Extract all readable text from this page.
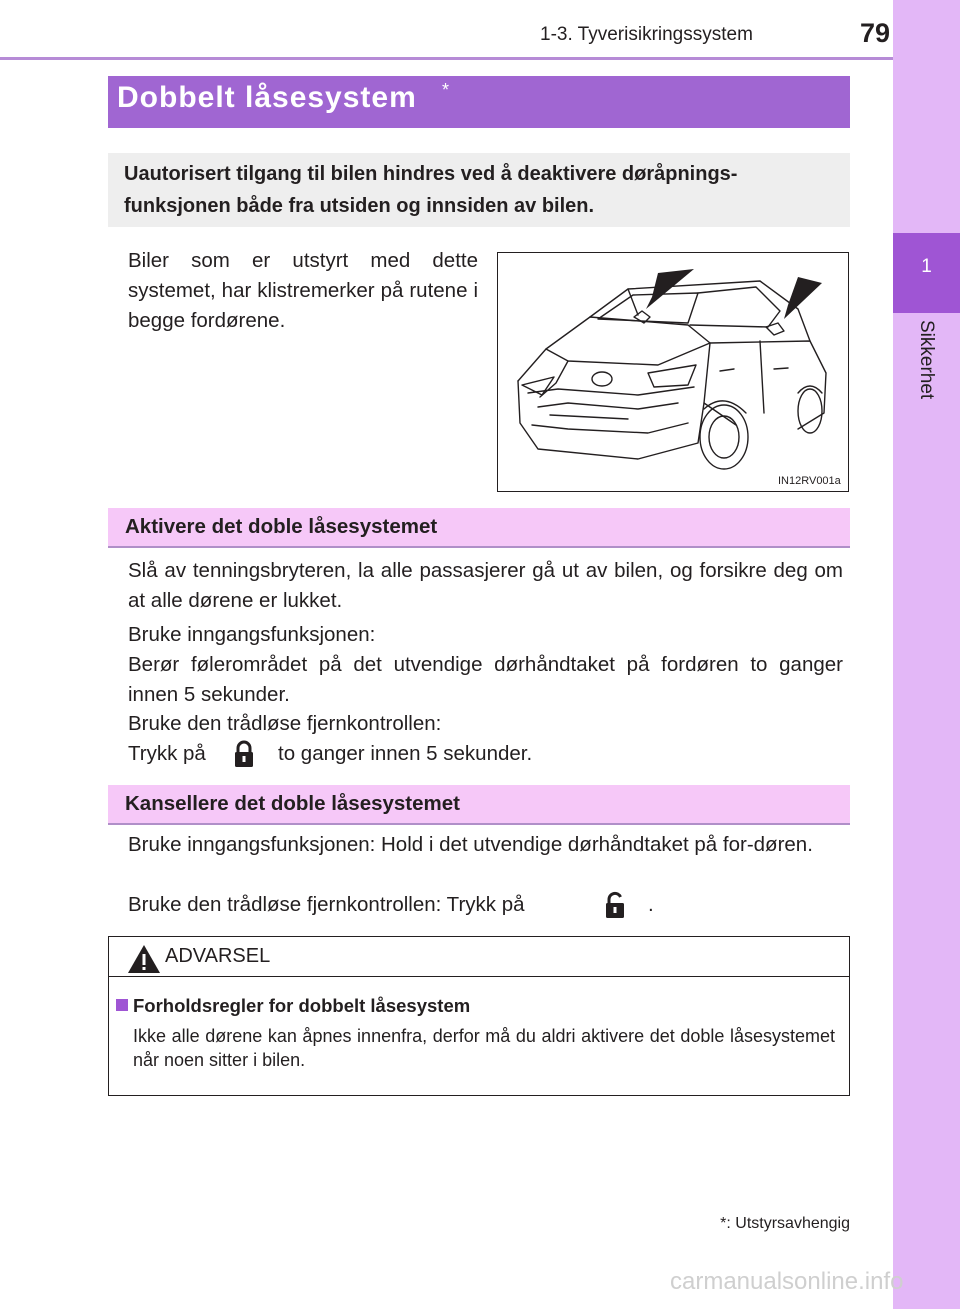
1-3. Tyverisikringssystem	79
1
Sikkerhet
Dobbelt låsesystem *
Uautorisert tilgang til bilen hindres ved å deaktivere døråpnings-funksjonen både fra utsiden og innsiden av bilen.
Biler som er utstyrt med dette systemet, har klistremerker på rutene i begge fordørene.
IN12RV001a
Aktivere det doble låsesystemet
Slå av tenningsbryteren, la alle passasjerer gå ut av bilen, og forsikre deg om at alle dørene er lukket.
Bruke inngangsfunksjonen:
Berør følerområdet på det utvendige dørhåndtaket på fordøren to ganger innen 5 sekunder.
Bruke den trådløse fjernkontrollen:
Trykk på	to ganger innen 5 sekunder.
Kansellere det doble låsesystemet
Bruke inngangsfunksjonen: Hold i det utvendige dørhåndtaket på for-døren.
Bruke den trådløse fjernkontrollen: Trykk på	.
ADVARSEL
Forholdsregler for dobbelt låsesystem
Ikke alle dørene kan åpnes innenfra, derfor må du aldri aktivere det doble låsesystemet når noen sitter i bilen.
*: Utstyrsavhengig
carmanualsonline.info
